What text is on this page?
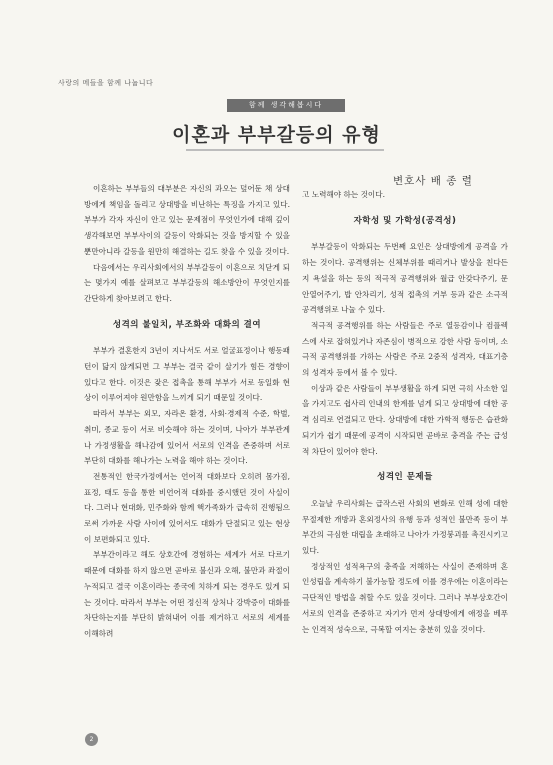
사랑의 메들을 함께 나눕니다
함께 생각해봅시다
이혼과 부부갈등의 유형
변호사 배 종 렬

이혼하는 부부들의 대부분은 자신의 과오는 덮어둔 채 상대방에게 책임을 돌리고 상대방을 비난하는 특징을 가지고 있다. 부부가 각자 자신이 안고 있는 문제점이 무엇인가에 대해 깊이 생각해보면 부부사이의 갈등이 악화되는 것을 방지할 수 있을 뿐만아니라 갈등을 원만히 해결하는 길도 찾을 수 있을 것이다.

다음에서는 우리사회에서의 부부갈등이 이혼으로 치닫게 되는 몇가지 예를 살펴보고 부부갈등의 해소방안이 무엇인지를 간단하게 찾아보려고 한다.

성격의 불일치, 부조화와 대화의 결여

부부가 결혼한지 3년이 지나서도 서로 얼굴표정이나 행동패턴이 닮지 않게되면 그 부부는 결국 같이 살기가 힘든 경향이 있다고 한다. 이것은 잦은 접촉을 통해 부부가 서로 동일화 현상이 이루어져야 원만함을 느끼게 되기 때문일 것이다.

따라서 부부는 외모, 자라온 환경, 사회·경제적 수준, 학벌, 취미, 종교 등이 서로 비슷해야 하는 것이며, 나아가 부부관계나 가정생활을 해나감에 있어서 서로의 인격을 존중하며 서로 부단히 대화를 해나가는 노력을 해야 하는 것이다.

전통적인 한국가정에서는 언어적 대화보다 오히려 몸가짐, 표정, 태도 등을 통한 비언어적 대화를 중시했던 것이 사실이다. 그러나 현대화, 민주화와 함께 핵가족화가 급속히 진행됨으로써 가까운 사람 사이에 있어서도 대화가 단절되고 있는 현상이 보편화되고 있다.

부부간이라고 해도 상호간에 경험하는 세계가 서로 다르기 때문에 대화를 하지 않으면 곧바로 불신과 오해, 불만과 좌절이 누적되고 결국 이혼이라는 종국에 치하게 되는 경우도 있게 되는 것이다. 따라서 부부는 어떤 정신적 상처나 강박증이 대화를 차단하는지를 부단히 밝혀내어 이를 제거하고 서로의 세계를 이해하려

고 노력해야 하는 것이다.

자학성 및 가학성(공격성)

부부갈등이 악화되는 두번째 요인은 상대방에게 공격을 가하는 것이다. 공격행위는 신체부위를 때리거나 발상을 친다든지 욕설을 하는 등의 적극적 공격행위와 월급 안갖다주기, 문 안열어주기, 밥 안차리기, 성적 접촉의 거부 등과 같은 소극적 공격행위로 나눌 수 있다.

적극적 공격행위를 하는 사람들은 주로 열등감이나 컴플렉스에 사로 잡혀있거나 자존심이 병적으로 강한 사람 등이며, 소극적 공격행위를 가하는 사람은 주로 2중적 성격자, 대표기층의 성격자 등에서 볼 수 있다.

이상과 같은 사람들이 부부생활을 하게 되면 극히 사소한 일을 가지고도 쉽사리 인내의 한계를 넘게 되고 상대방에 대한 공격 심리로 연결되고 만다. 상대방에 대한 가학적 행동은 습관화되기가 쉽기 때문에 공격이 시작되면 곧바로 충격을 주는 급성적 차단이 있어야 한다.

성격인 문제들

오늘날 우리사회는 급작스런 사회의 변화로 인해 성에 대한 무절제한 개방과 혼외정사의 유행 등과 성적인 불만족 등이 부부간의 극심한 대립을 초래하고 나아가 가정붕괴를 촉진시키고 있다.

정상적인 성적욕구의 충족을 저해하는 사실이 존재하며 혼인성립을 계속하기 불가능할 정도에 이를 경우에는 이혼이라는 극단적인 방법을 취할 수도 있을 것이다. 그러나 부부상호간이 서로의 인격을 존중하고 자기가 먼저 상대방에게 애정을 베푸는 인격적 성숙으로, 극복할 여지는 충분히 있을 것이다.

2
